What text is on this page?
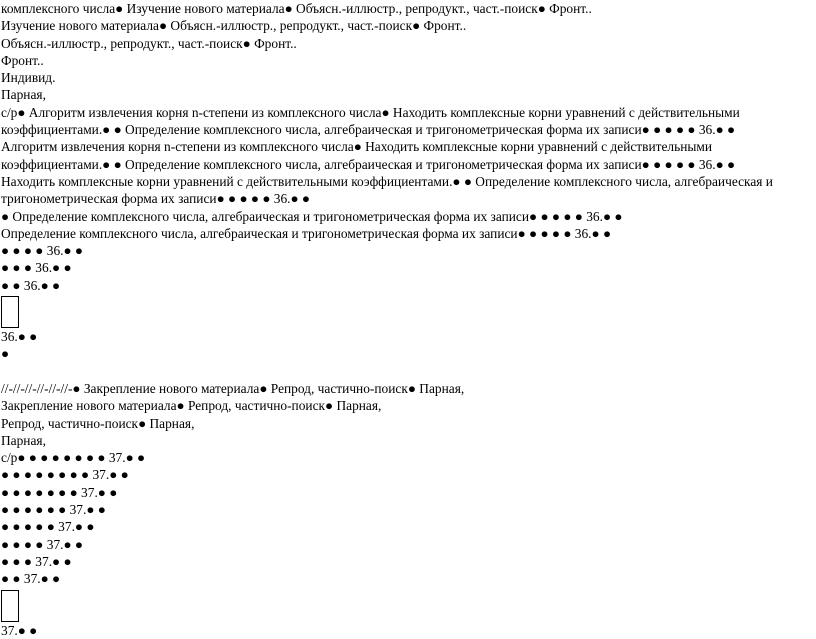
комплексного числа● Изучение нового материала● Объясн.-иллюстр., репродукт., част.-поиск● Фронт..

Изучение нового материала● Объясн.-иллюстр., репродукт., част.-поиск● Фронт..

Объясн.-иллюстр., репродукт., част.-поиск● Фронт..

Фронт..

Индивид.

Парная,

с/р● Алгоритм извлечения корня n-степени из комплексного числа● Находить комплексные корни уравнений с действительными коэффициентами.● ● Определение комплексного числа, алгебраическая и тригонометрическая форма их записи● ● ● ● ● 36.● ●

Алгоритм извлечения корня n-степени из комплексного числа● Находить комплексные корни уравнений с действительными коэффициентами.● ● Определение комплексного числа, алгебраическая и тригонометрическая форма их записи● ● ● ● ● 36.● ●

Находить комплексные корни уравнений с действительными коэффициентами.● ● Определение комплексного числа, алгебраическая и тригонометрическая форма их записи● ● ● ● ● 36.● ●

● Определение комплексного числа, алгебраическая и тригонометрическая форма их записи● ● ● ● ● 36.● ●

Определение комплексного числа, алгебраическая и тригонометрическая форма их записи● ● ● ● ● 36.● ●

● ● ● ● 36.● ●

● ● ● 36.● ●

● ● 36.● ●

36.● ●

●

//-//-//-//-//-//-● Закрепление нового материала● Репрод, частично-поиск● Парная,

Закрепление нового материала● Репрод, частично-поиск● Парная,

Репрод, частично-поиск● Парная,

Парная,

с/р● ● ● ● ● ● ● ● 37.● ●

● ● ● ● ● ● ● ● 37.● ●

● ● ● ● ● ● ● 37.● ●

● ● ● ● ● ● 37.● ●

● ● ● ● ● 37.● ●

● ● ● ● 37.● ●

● ● ● 37.● ●

● ● 37.● ●

37.● ●
